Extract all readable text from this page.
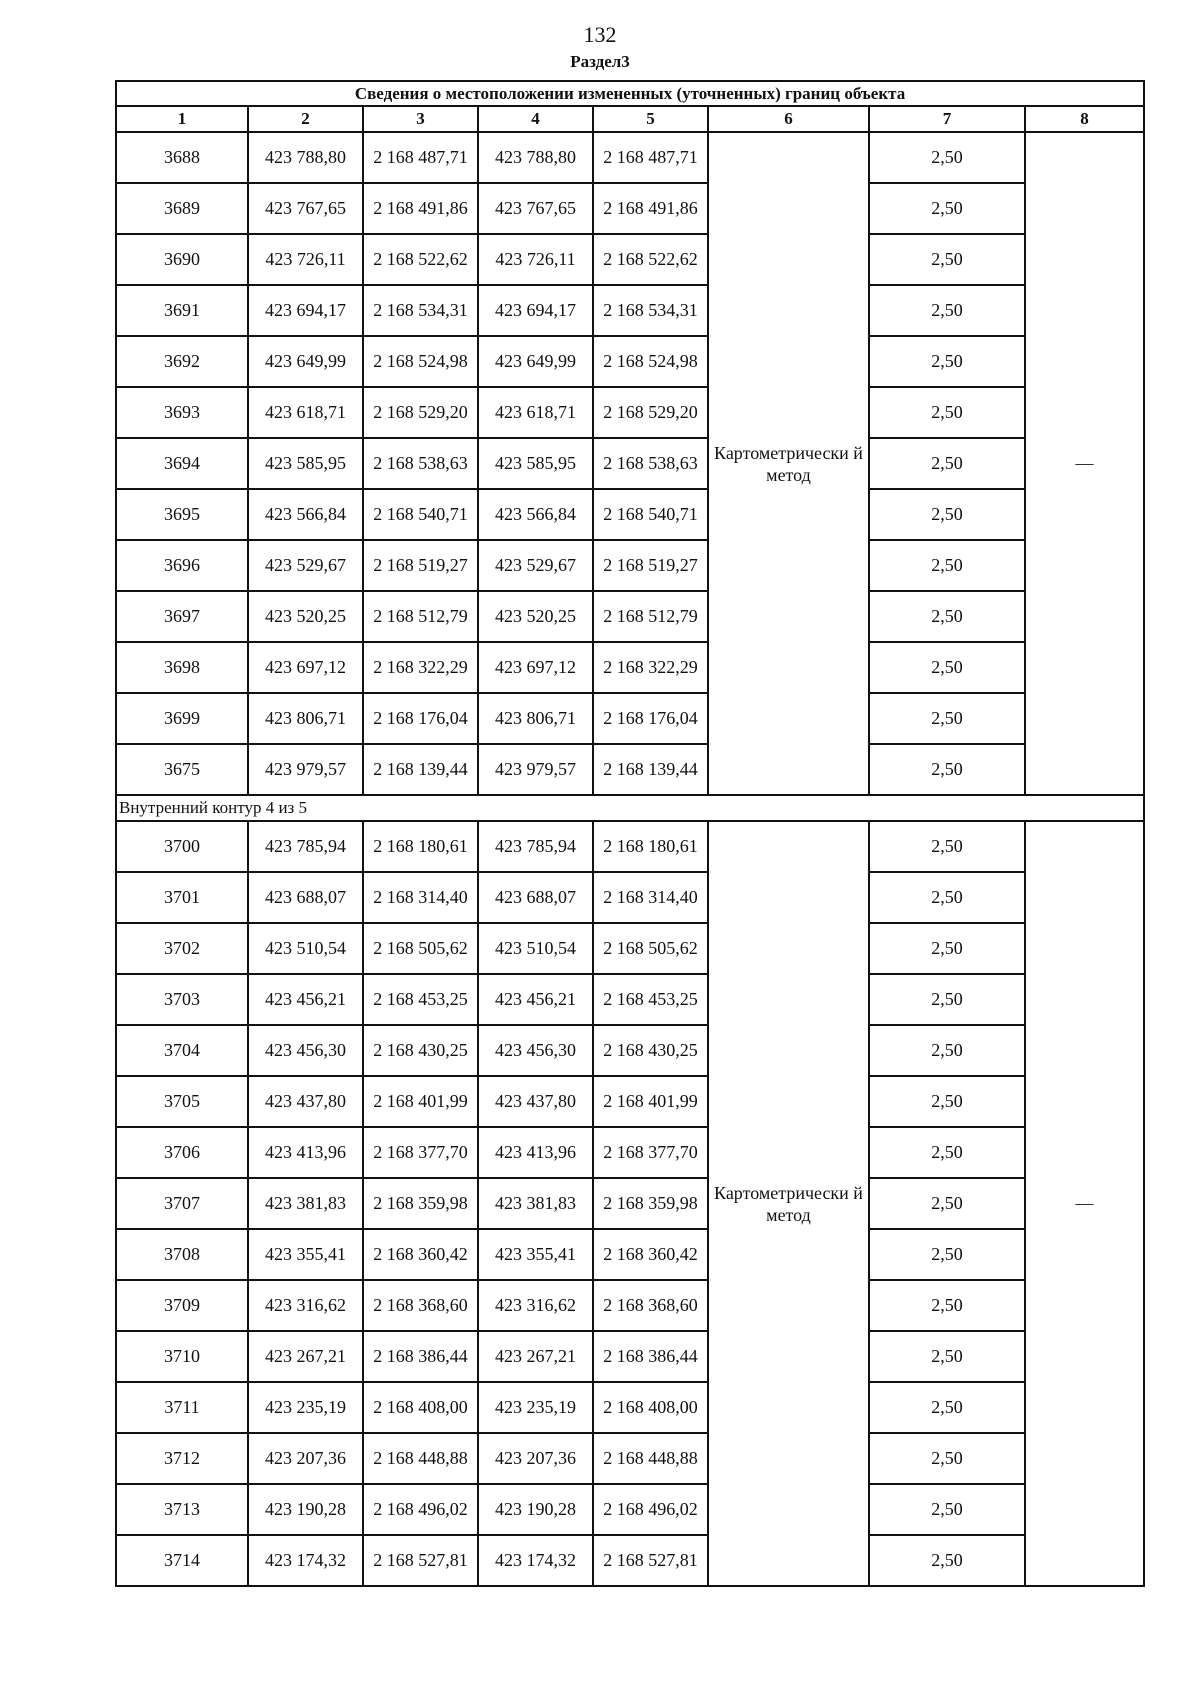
132
Раздел3
Сведения о местоположении измененных (уточненных) границ объекта							
1	2	3	4	5	6	7	8
3688	423 788,80	2 168 487,71	423 788,80	2 168 487,71	Картометрически й метод	2,50	—
3689	423 767,65	2 168 491,86	423 767,65	2 168 491,86		2,50	
3690	423 726,11	2 168 522,62	423 726,11	2 168 522,62		2,50	
3691	423 694,17	2 168 534,31	423 694,17	2 168 534,31		2,50	
3692	423 649,99	2 168 524,98	423 649,99	2 168 524,98		2,50	
3693	423 618,71	2 168 529,20	423 618,71	2 168 529,20		2,50	
3694	423 585,95	2 168 538,63	423 585,95	2 168 538,63		2,50	
3695	423 566,84	2 168 540,71	423 566,84	2 168 540,71		2,50	
3696	423 529,67	2 168 519,27	423 529,67	2 168 519,27		2,50	
3697	423 520,25	2 168 512,79	423 520,25	2 168 512,79		2,50	
3698	423 697,12	2 168 322,29	423 697,12	2 168 322,29		2,50	
3699	423 806,71	2 168 176,04	423 806,71	2 168 176,04		2,50	
3675	423 979,57	2 168 139,44	423 979,57	2 168 139,44		2,50	
Внутренний контур 4 из 5							
3700	423 785,94	2 168 180,61	423 785,94	2 168 180,61	Картометрически й метод	2,50	—
3701	423 688,07	2 168 314,40	423 688,07	2 168 314,40		2,50	
3702	423 510,54	2 168 505,62	423 510,54	2 168 505,62		2,50	
3703	423 456,21	2 168 453,25	423 456,21	2 168 453,25		2,50	
3704	423 456,30	2 168 430,25	423 456,30	2 168 430,25		2,50	
3705	423 437,80	2 168 401,99	423 437,80	2 168 401,99		2,50	
3706	423 413,96	2 168 377,70	423 413,96	2 168 377,70		2,50	
3707	423 381,83	2 168 359,98	423 381,83	2 168 359,98		2,50	
3708	423 355,41	2 168 360,42	423 355,41	2 168 360,42		2,50	
3709	423 316,62	2 168 368,60	423 316,62	2 168 368,60		2,50	
3710	423 267,21	2 168 386,44	423 267,21	2 168 386,44		2,50	
3711	423 235,19	2 168 408,00	423 235,19	2 168 408,00		2,50	
3712	423 207,36	2 168 448,88	423 207,36	2 168 448,88		2,50	
3713	423 190,28	2 168 496,02	423 190,28	2 168 496,02		2,50	
3714	423 174,32	2 168 527,81	423 174,32	2 168 527,81		2,50	
